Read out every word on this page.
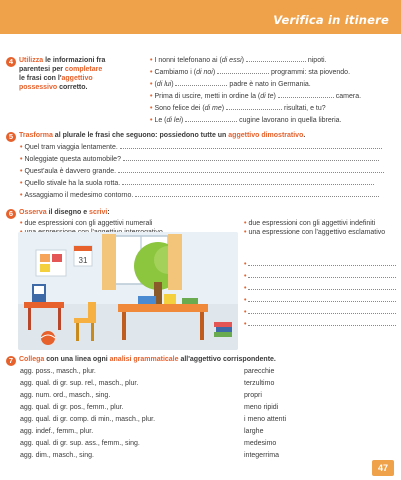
Verifica in itinere
4 Utilizza le informazioni fra
parentesi per completare
le frasi con l'aggettivo
possessivo corretto.
• I nonni telefonano ai (di essi)	nipoti.
• Cambiamo i (di noi)	programmi: sta piovendo.
• (di lui)	padre è nato in Germania.
• Prima di uscire, metti in ordine la (di te)	camera.
• Sono felice dei (di me)	risultati, e tu?
• Le (di lei)	cugine lavorano in quella libreria.
5 Trasforma al plurale le frasi che seguono: possiedono tutte un aggettivo dimostrativo.
• Quel tram viaggia lentamente.
• Noleggiate questa automobile?
• Quest'aula è davvero grande.
• Quello stivale ha la suola rotta.
• Assaggiamo il medesimo contorno.
6 Osserva il disegno e scrivi:
• due espressioni con gli aggettivi numerali	• due espressioni con gli aggettivi indefiniti
• una espressione con l'aggettivo esclamativo
31	•
•
•
•
•
•
7 Collega con una linea ogni analisi grammaticale all'aggettivo corrispondente.
agg. poss., masch., plur.
agg. qual. di gr. sup. rel., masch., plur.
agg. num. ord., masch., sing.
agg. qual. di gr. pos., femm., plur.
agg. qual. di gr. comp. di min., masch., plur.
agg. indef., femm., plur.
agg. qual. di gr. sup. ass., femm., sing.
agg. dim., masch., sing.
parecchie
terzultimo
propri
meno ripidi
i meno attenti
larghe
medesimo
integerrima
47
